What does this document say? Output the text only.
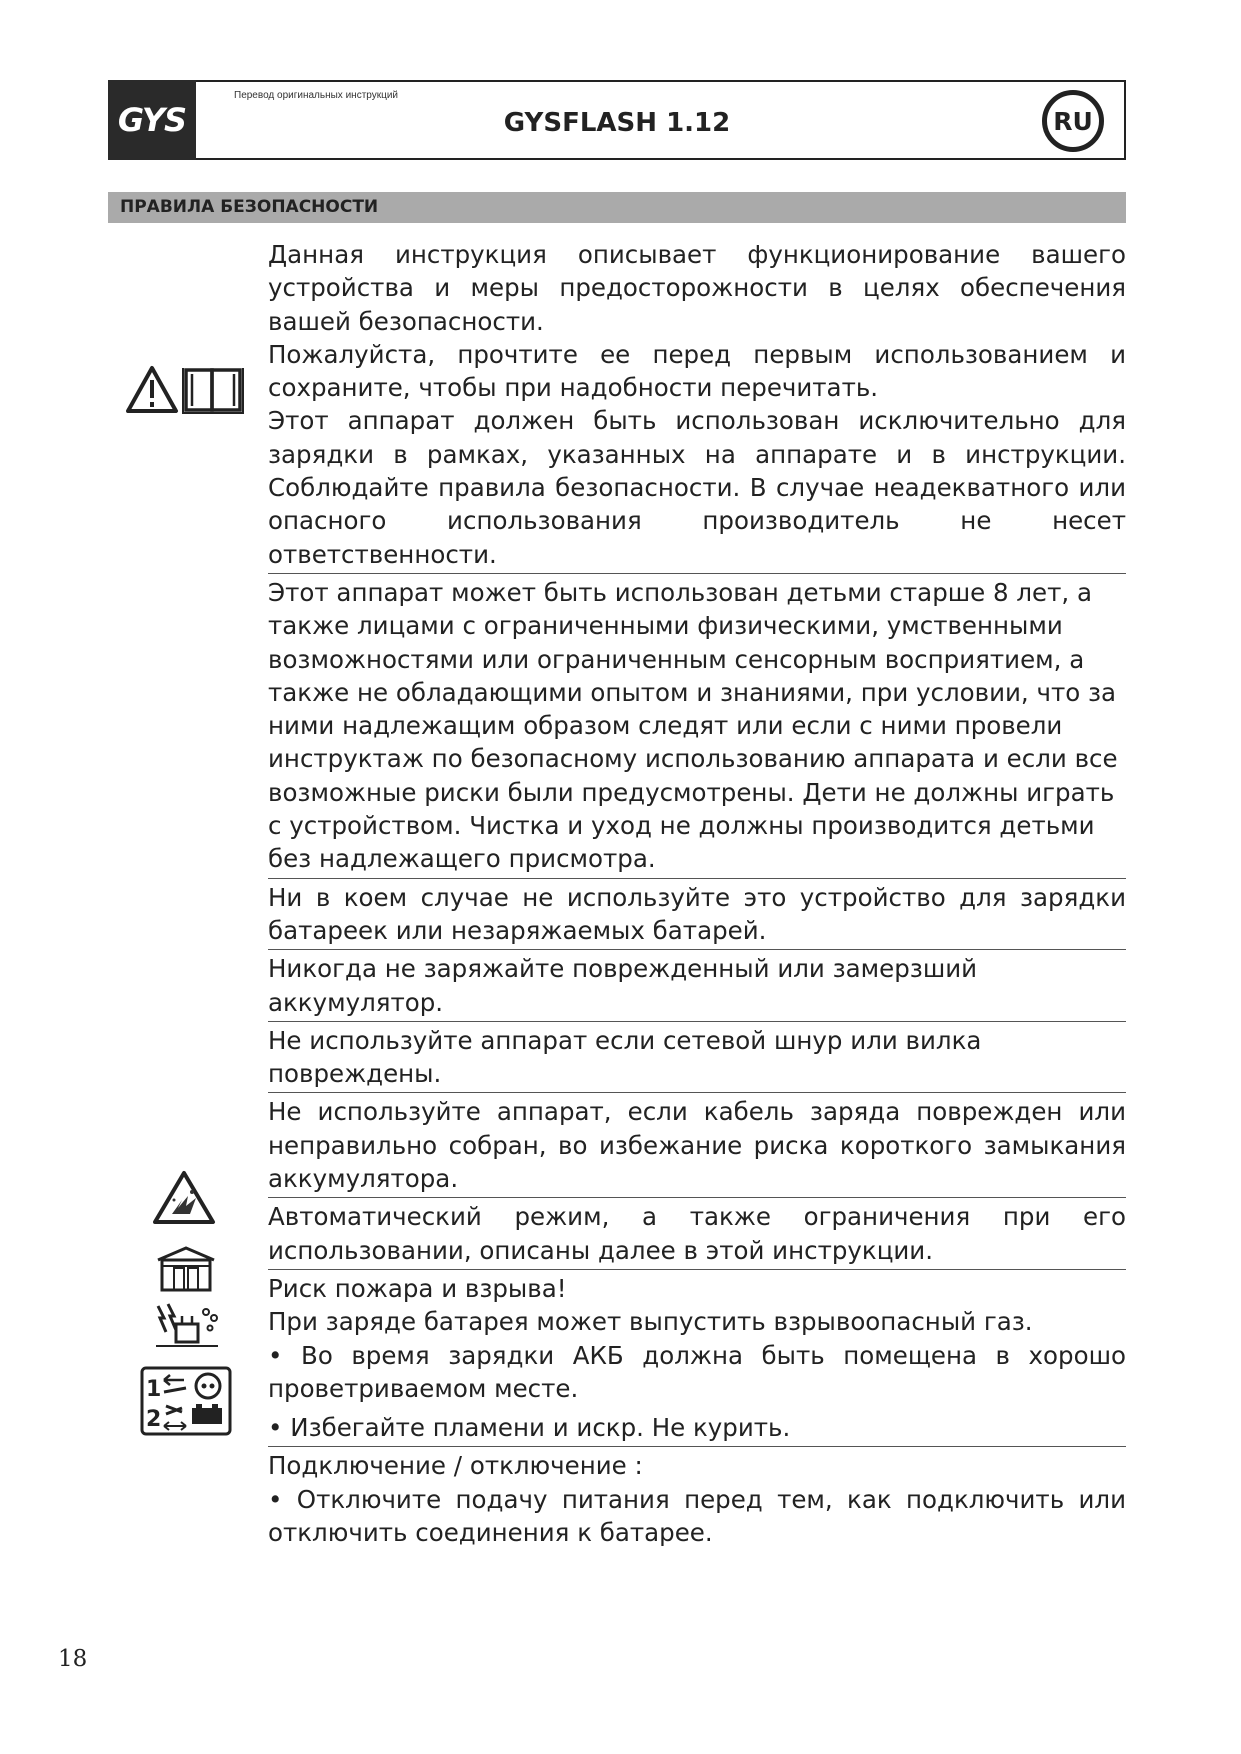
GYS
Перевод оригинальных инструкций
GYSFLASH 1.12	RU
ПРАВИЛА БЕЗОПАСНОСТИ
1
2

Данная инструкция описывает функционирование вашего устройства и меры предосторожности в целях обеспечения вашей безопасности.

Пожалуйста, прочтите ее перед первым использованием и сохраните, чтобы при надобности перечитать.

Этот аппарат должен быть использован исключительно для зарядки в рамках, указанных на аппарате и в инструкции. Соблюдайте правила безопасности. В случае неадекватного или опасного использования производитель не несет ответственности.

Этот аппарат может быть использован детьми старше 8 лет, а также лицами с ограниченными физическими, умственными возможностями или ограниченным сенсорным восприятием, а также не обладающими опытом и знаниями, при условии, что за ними надлежащим образом следят или если с ними провели инструктаж по безопасному использованию аппарата и если все возможные риски были предусмотрены. Дети не должны играть с устройством. Чистка и уход не должны производится детьми без надлежащего присмотра.

Ни в коем случае не используйте это устройство для зарядки батареек или незаряжаемых батарей.

Никогда не заряжайте поврежденный или замерзший аккумулятор.

Не используйте аппарат если сетевой шнур или вилка повреждены.

Не используйте аппарат, если кабель заряда поврежден или неправильно собран, во избежание риска короткого замыкания аккумулятора.

Автоматический режим, а также ограничения при его использовании, описаны далее в этой инструкции.

Риск пожара и взрыва!

При заряде батарея может выпустить взрывоопасный газ.

• Во время зарядки АКБ должна быть помещена в хорошо проветриваемом месте.

• Избегайте пламени и искр. Не курить.

Подключение / отключение :

• Отключите подачу питания перед тем, как подключить или отключить соединения к батарее.

18
